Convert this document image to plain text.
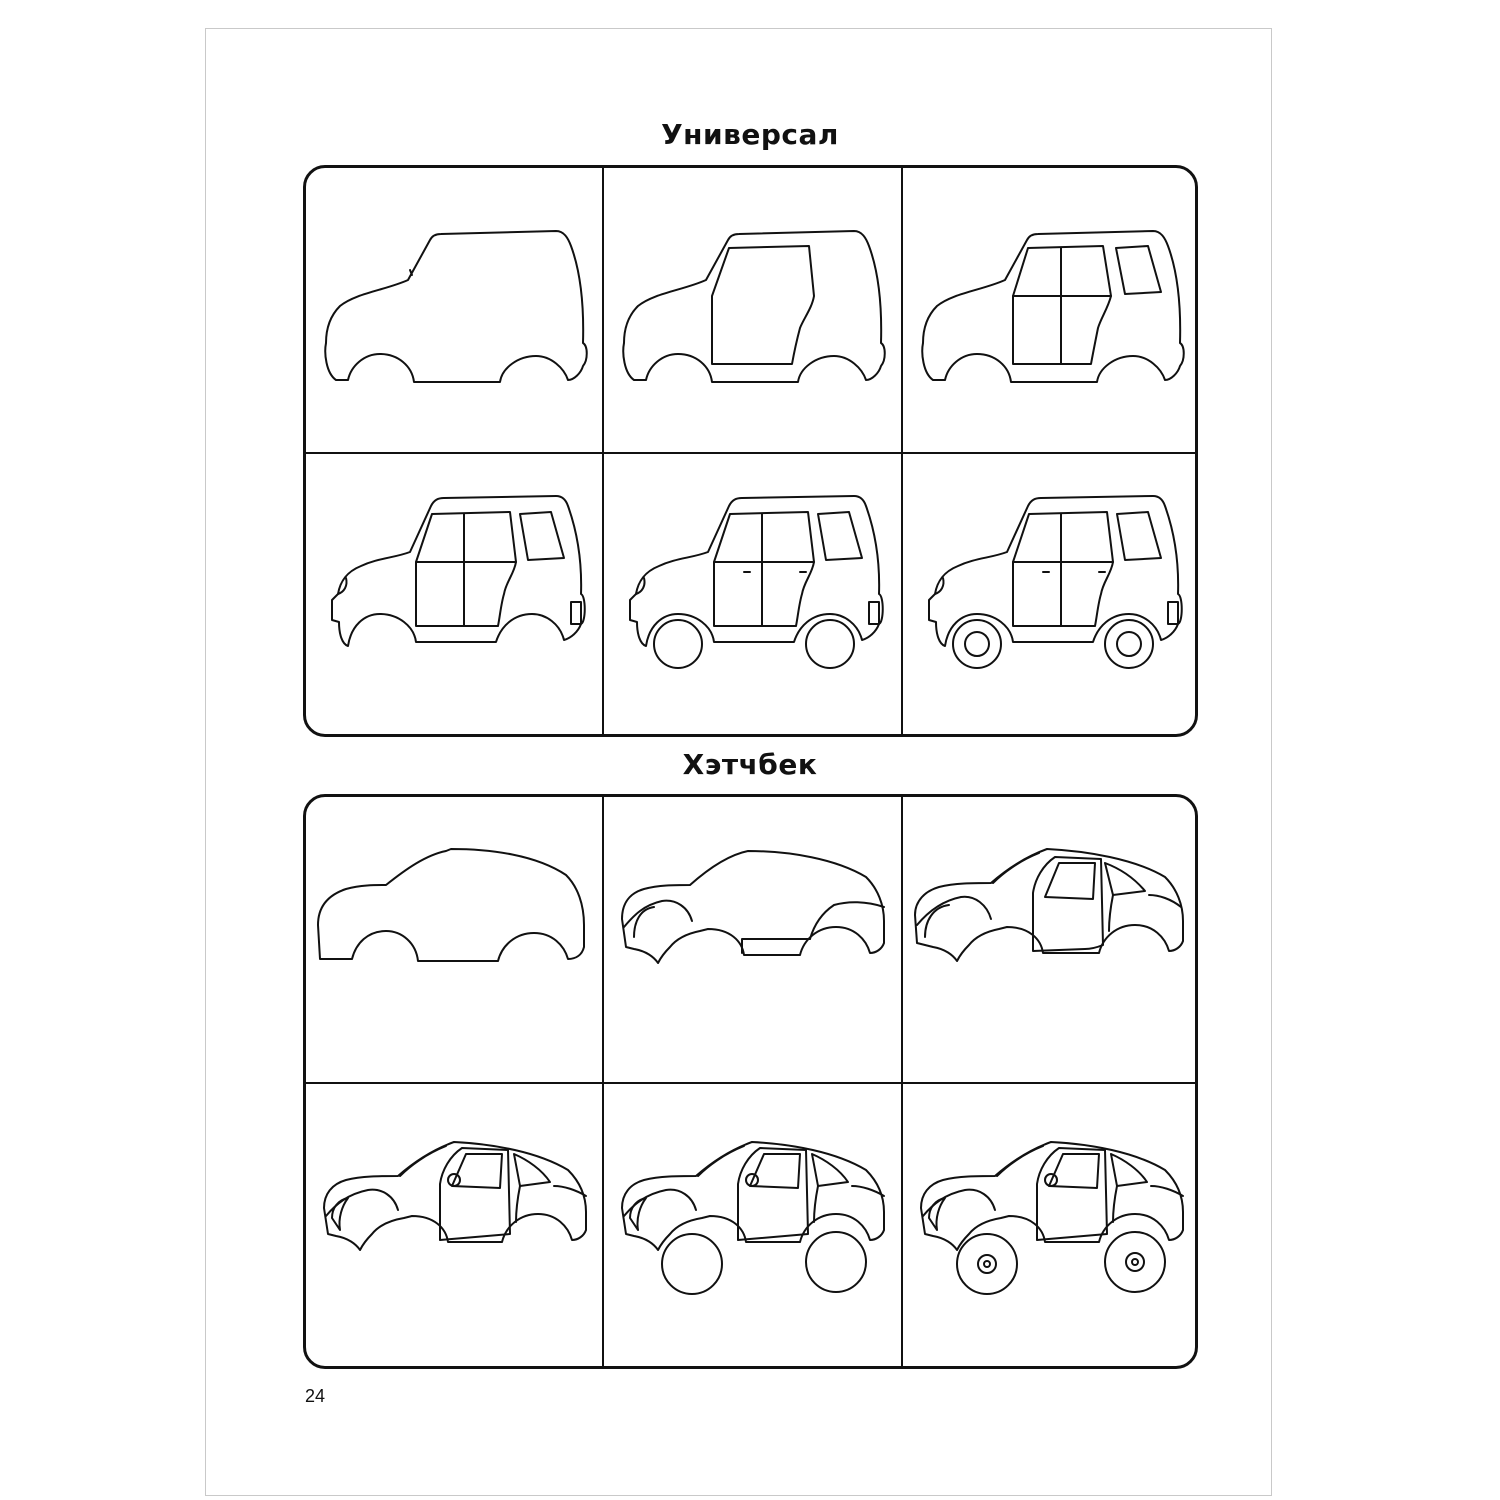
Универсал
Хэтчбек
24
